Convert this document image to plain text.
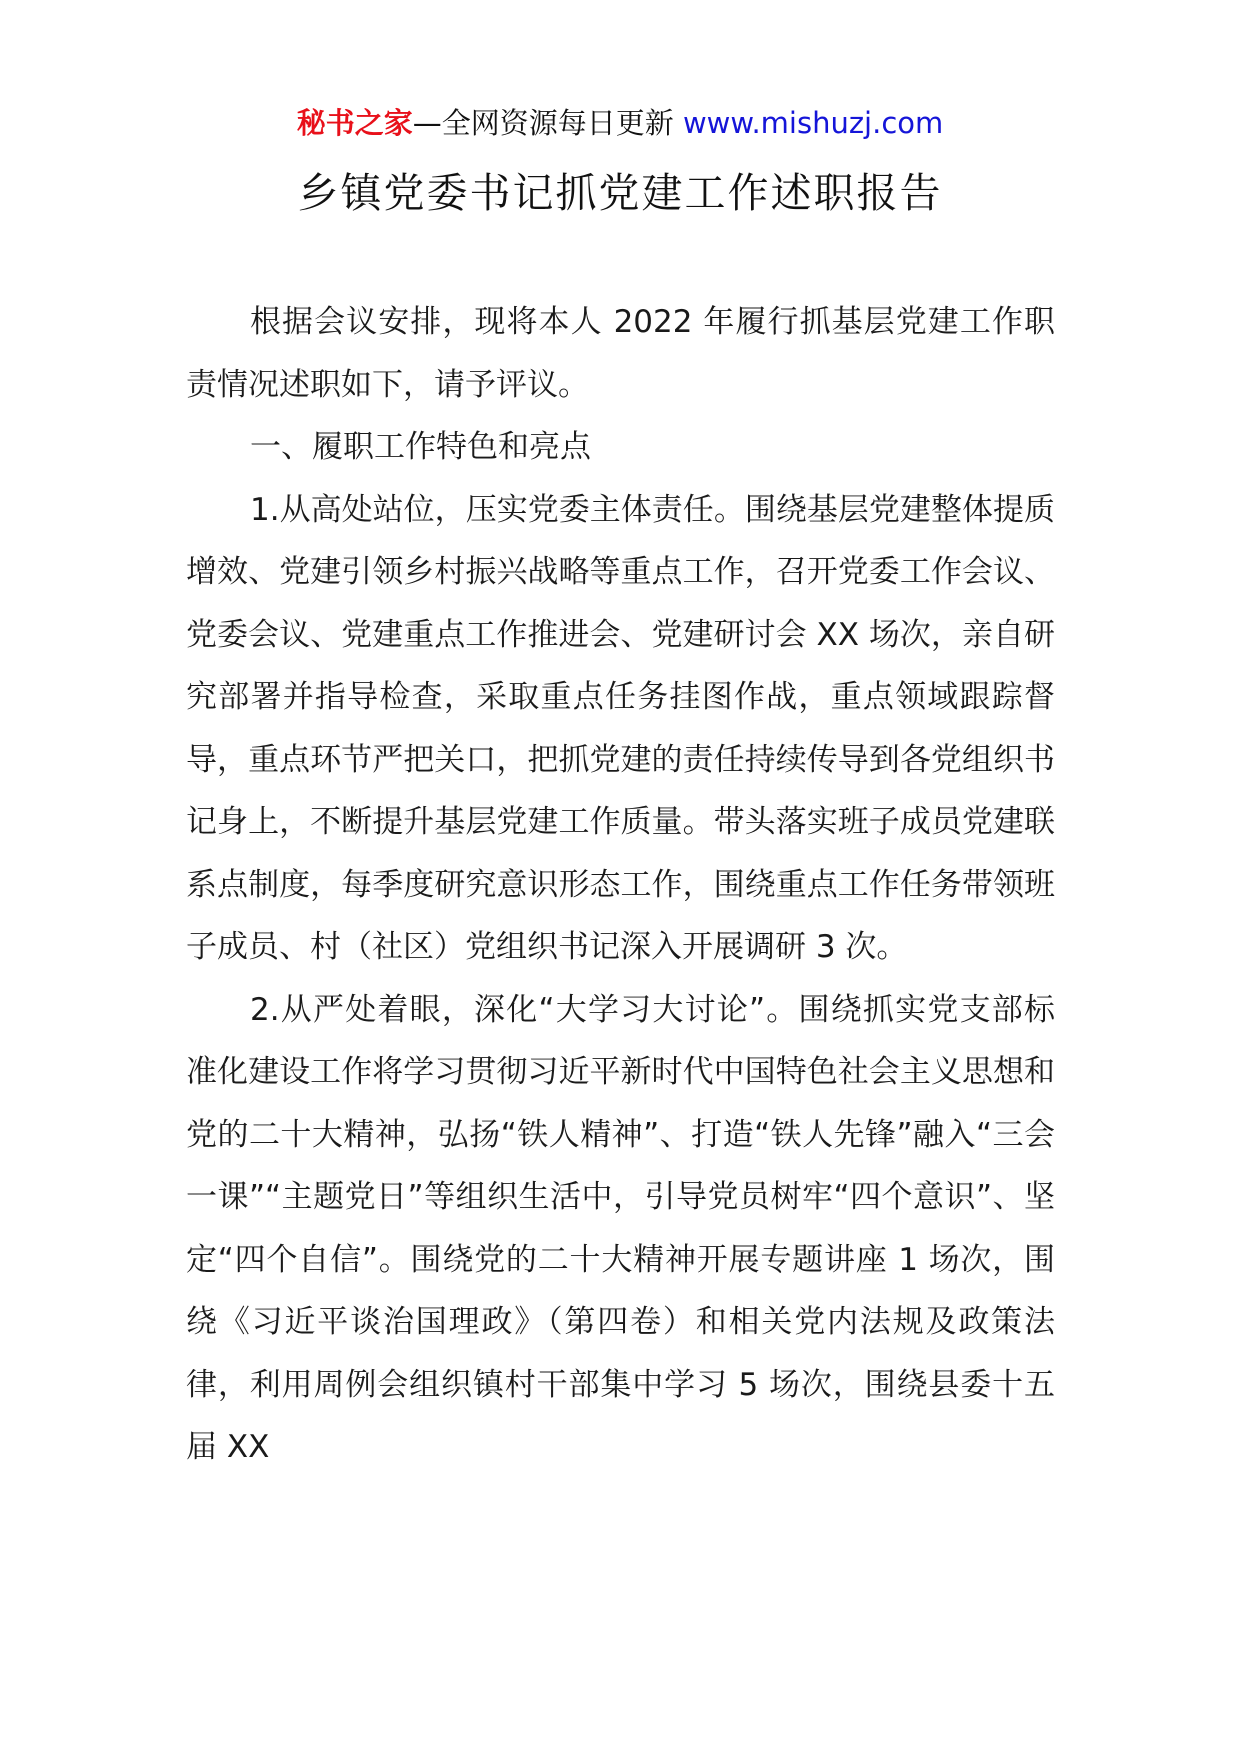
秘书之家—全网资源每日更新 www.mishuzj.com
乡镇党委书记抓党建工作述职报告

根据会议安排，现将本人 2022 年履行抓基层党建工作职责情况述职如下，请予评议。

一、履职工作特色和亮点

1.从高处站位，压实党委主体责任。围绕基层党建整体提质增效、党建引领乡村振兴战略等重点工作，召开党委工作会议、党委会议、党建重点工作推进会、党建研讨会 XX 场次，亲自研究部署并指导检查，采取重点任务挂图作战，重点领域跟踪督导，重点环节严把关口，把抓党建的责任持续传导到各党组织书记身上，不断提升基层党建工作质量。带头落实班子成员党建联系点制度，每季度研究意识形态工作，围绕重点工作任务带领班子成员、村（社区）党组织书记深入开展调研 3 次。

2.从严处着眼，深化“大学习大讨论”。围绕抓实党支部标准化建设工作将学习贯彻习近平新时代中国特色社会主义思想和党的二十大精神，弘扬“铁人精神”、打造“铁人先锋”融入“三会一课”“主题党日”等组织生活中，引导党员树牢“四个意识”、坚定“四个自信”。围绕党的二十大精神开展专题讲座 1 场次，围绕《习近平谈治国理政》（第四卷）和相关党内法规及政策法律，利用周例会组织镇村干部集中学习 5 场次，围绕县委十五届 XX
